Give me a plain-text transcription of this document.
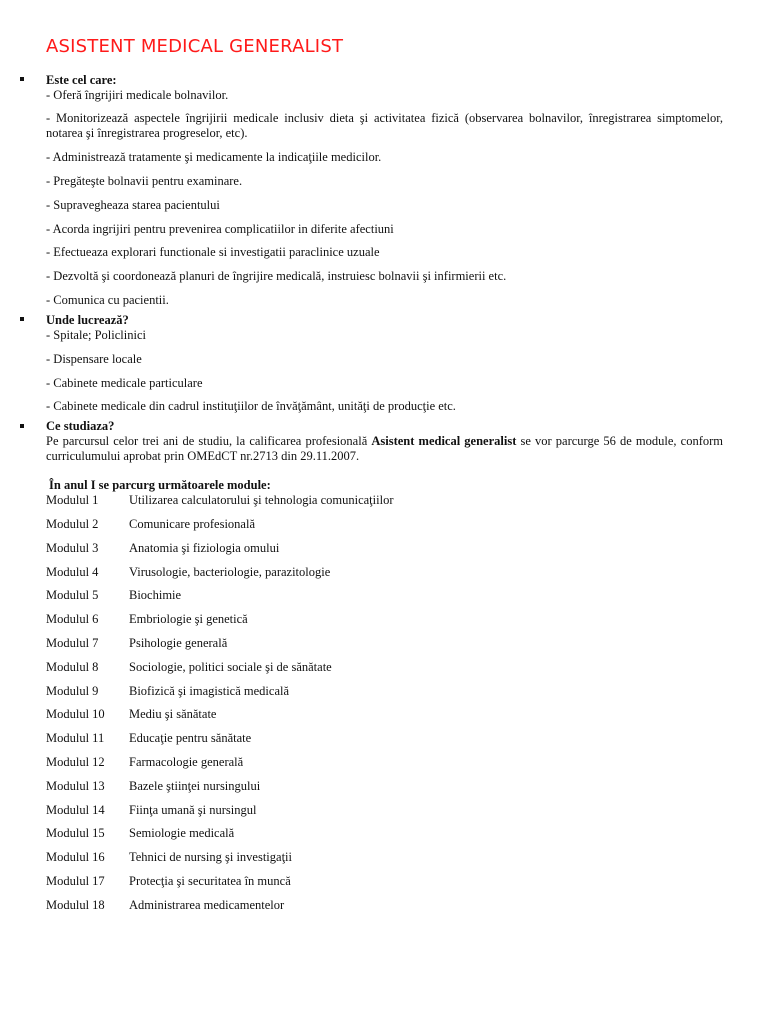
ASISTENT MEDICAL GENERALIST
Este cel care:
- Oferă îngrijiri medicale bolnavilor.
- Monitorizează aspectele îngrijirii medicale inclusiv dieta şi activitatea fizică (observarea bolnavilor, înregistrarea simptomelor, notarea şi înregistrarea progreselor, etc).
- Administrează tratamente şi medicamente la indicaţiile medicilor.
- Pregăteşte bolnavii pentru examinare.
- Supravegheaza starea pacientului
- Acorda ingrijiri pentru prevenirea complicatiilor in diferite afectiuni
- Efectueaza explorari functionale si investigatii paraclinice uzuale
- Dezvoltă şi coordonează planuri de îngrijire medicală, instruiesc bolnavii şi infirmierii etc.
- Comunica cu pacientii.
Unde lucrează?
- Spitale; Policlinici
- Dispensare locale
- Cabinete medicale particulare
- Cabinete medicale din cadrul instituţiilor de învăţământ, unităţi de producţie etc.
Ce studiaza?
Pe parcursul celor trei ani de studiu, la calificarea profesională Asistent medical generalist se vor parcurge 56 de module, conform curriculumului aprobat prin OMEdCT nr.2713 din 29.11.2007.
În anul I se parcurg următoarele module:
Modulul 1 Utilizarea calculatorului şi tehnologia comunicaţiilor
Modulul 2 Comunicare profesională
Modulul 3 Anatomia şi fiziologia omului
Modulul 4 Virusologie, bacteriologie, parazitologie
Modulul 5 Biochimie
Modulul 6 Embriologie şi genetică
Modulul 7 Psihologie generală
Modulul 8 Sociologie, politici sociale şi de sănătate
Modulul 9 Biofizică şi imagistică medicală
Modulul 10 Mediu şi sănătate
Modulul 11 Educaţie pentru sănătate
Modulul 12 Farmacologie generală
Modulul 13 Bazele ştiinţei nursingului
Modulul 14 Fiinţa umană şi nursingul
Modulul 15 Semiologie medicală
Modulul 16 Tehnici de nursing şi investigaţii
Modulul 17 Protecţia şi securitatea în muncă
Modulul 18 Administrarea medicamentelor
